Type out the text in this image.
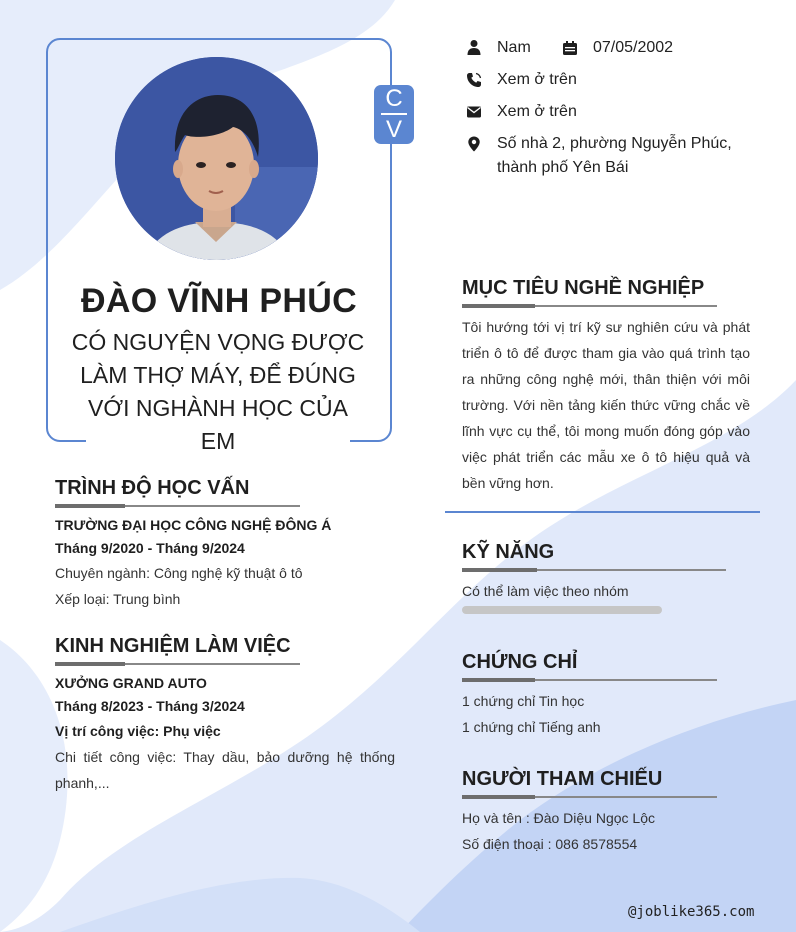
C
V
ĐÀO VĨNH PHÚC
CÓ NGUYỆN VỌNG ĐƯỢC LÀM THỢ MÁY, ĐỂ ĐÚNG VỚI NGHÀNH HỌC CỦA EM
Nam	07/05/2002
Xem ở trên
Xem ở trên
Số nhà 2, phường Nguyễn Phúc,
thành phố Yên Bái
MỤC TIÊU NGHỀ NGHIỆP
Tôi hướng tới vị trí kỹ sư nghiên cứu và phát triển ô tô để được tham gia vào quá trình tạo ra những công nghệ mới, thân thiện với môi trường. Với nền tảng kiến thức vững chắc về lĩnh vực cụ thể, tôi mong muốn đóng góp vào việc phát triển các mẫu xe ô tô hiệu quả và bền vững hơn.
KỸ NĂNG
Có thể làm việc theo nhóm
CHỨNG CHỈ
1 chứng chỉ Tin học
1 chứng chỉ Tiếng anh
NGƯỜI THAM CHIẾU
Họ và tên : Đào Diệu Ngọc Lộc
Số điện thoại : 086 8578554
TRÌNH ĐỘ HỌC VẤN
TRƯỜNG ĐẠI HỌC CÔNG NGHỆ ĐÔNG Á
Tháng 9/2020 - Tháng 9/2024
Chuyên ngành: Công nghệ kỹ thuật ô tô
Xếp loại: Trung bình
KINH NGHIỆM LÀM VIỆC
XƯỞNG GRAND AUTO
Tháng 8/2023 - Tháng 3/2024
Vị trí công việc: Phụ việc
Chi tiết công việc: Thay dầu, bảo dưỡng hệ thống phanh,...
@joblike365.com
